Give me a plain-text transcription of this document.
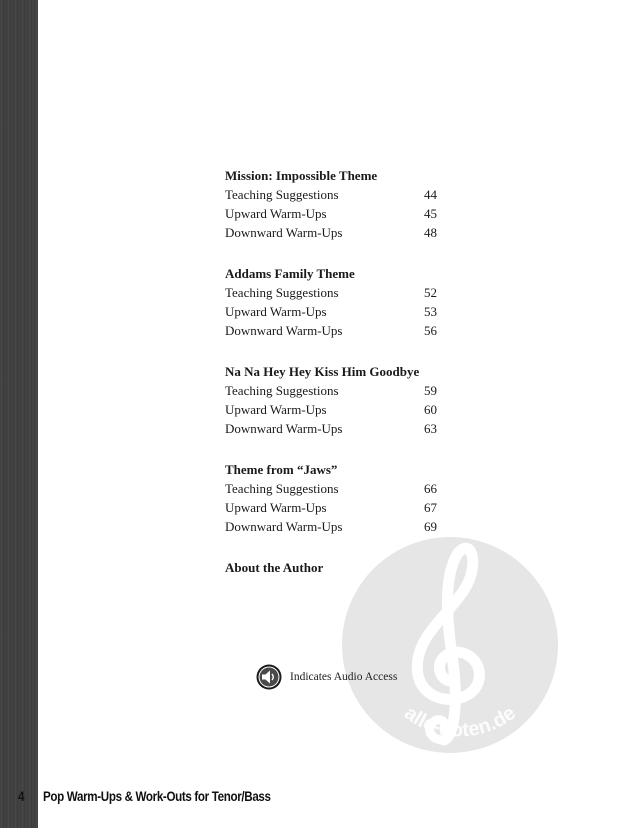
Mission: Impossible Theme
Teaching Suggestions	44
Upward Warm-Ups	45
Downward Warm-Ups	48
Addams Family Theme
Teaching Suggestions	52
Upward Warm-Ups	53
Downward Warm-Ups	56
Na Na Hey Hey Kiss Him Goodbye
Teaching Suggestions	59
Upward Warm-Ups	60
Downward Warm-Ups	63
Theme from “Jaws”
Teaching Suggestions	66
Upward Warm-Ups	67
Downward Warm-Ups	69
About the Author
alle-noten.de
Indicates Audio Access
4 Pop Warm-Ups & Work-Outs for Tenor/Bass
